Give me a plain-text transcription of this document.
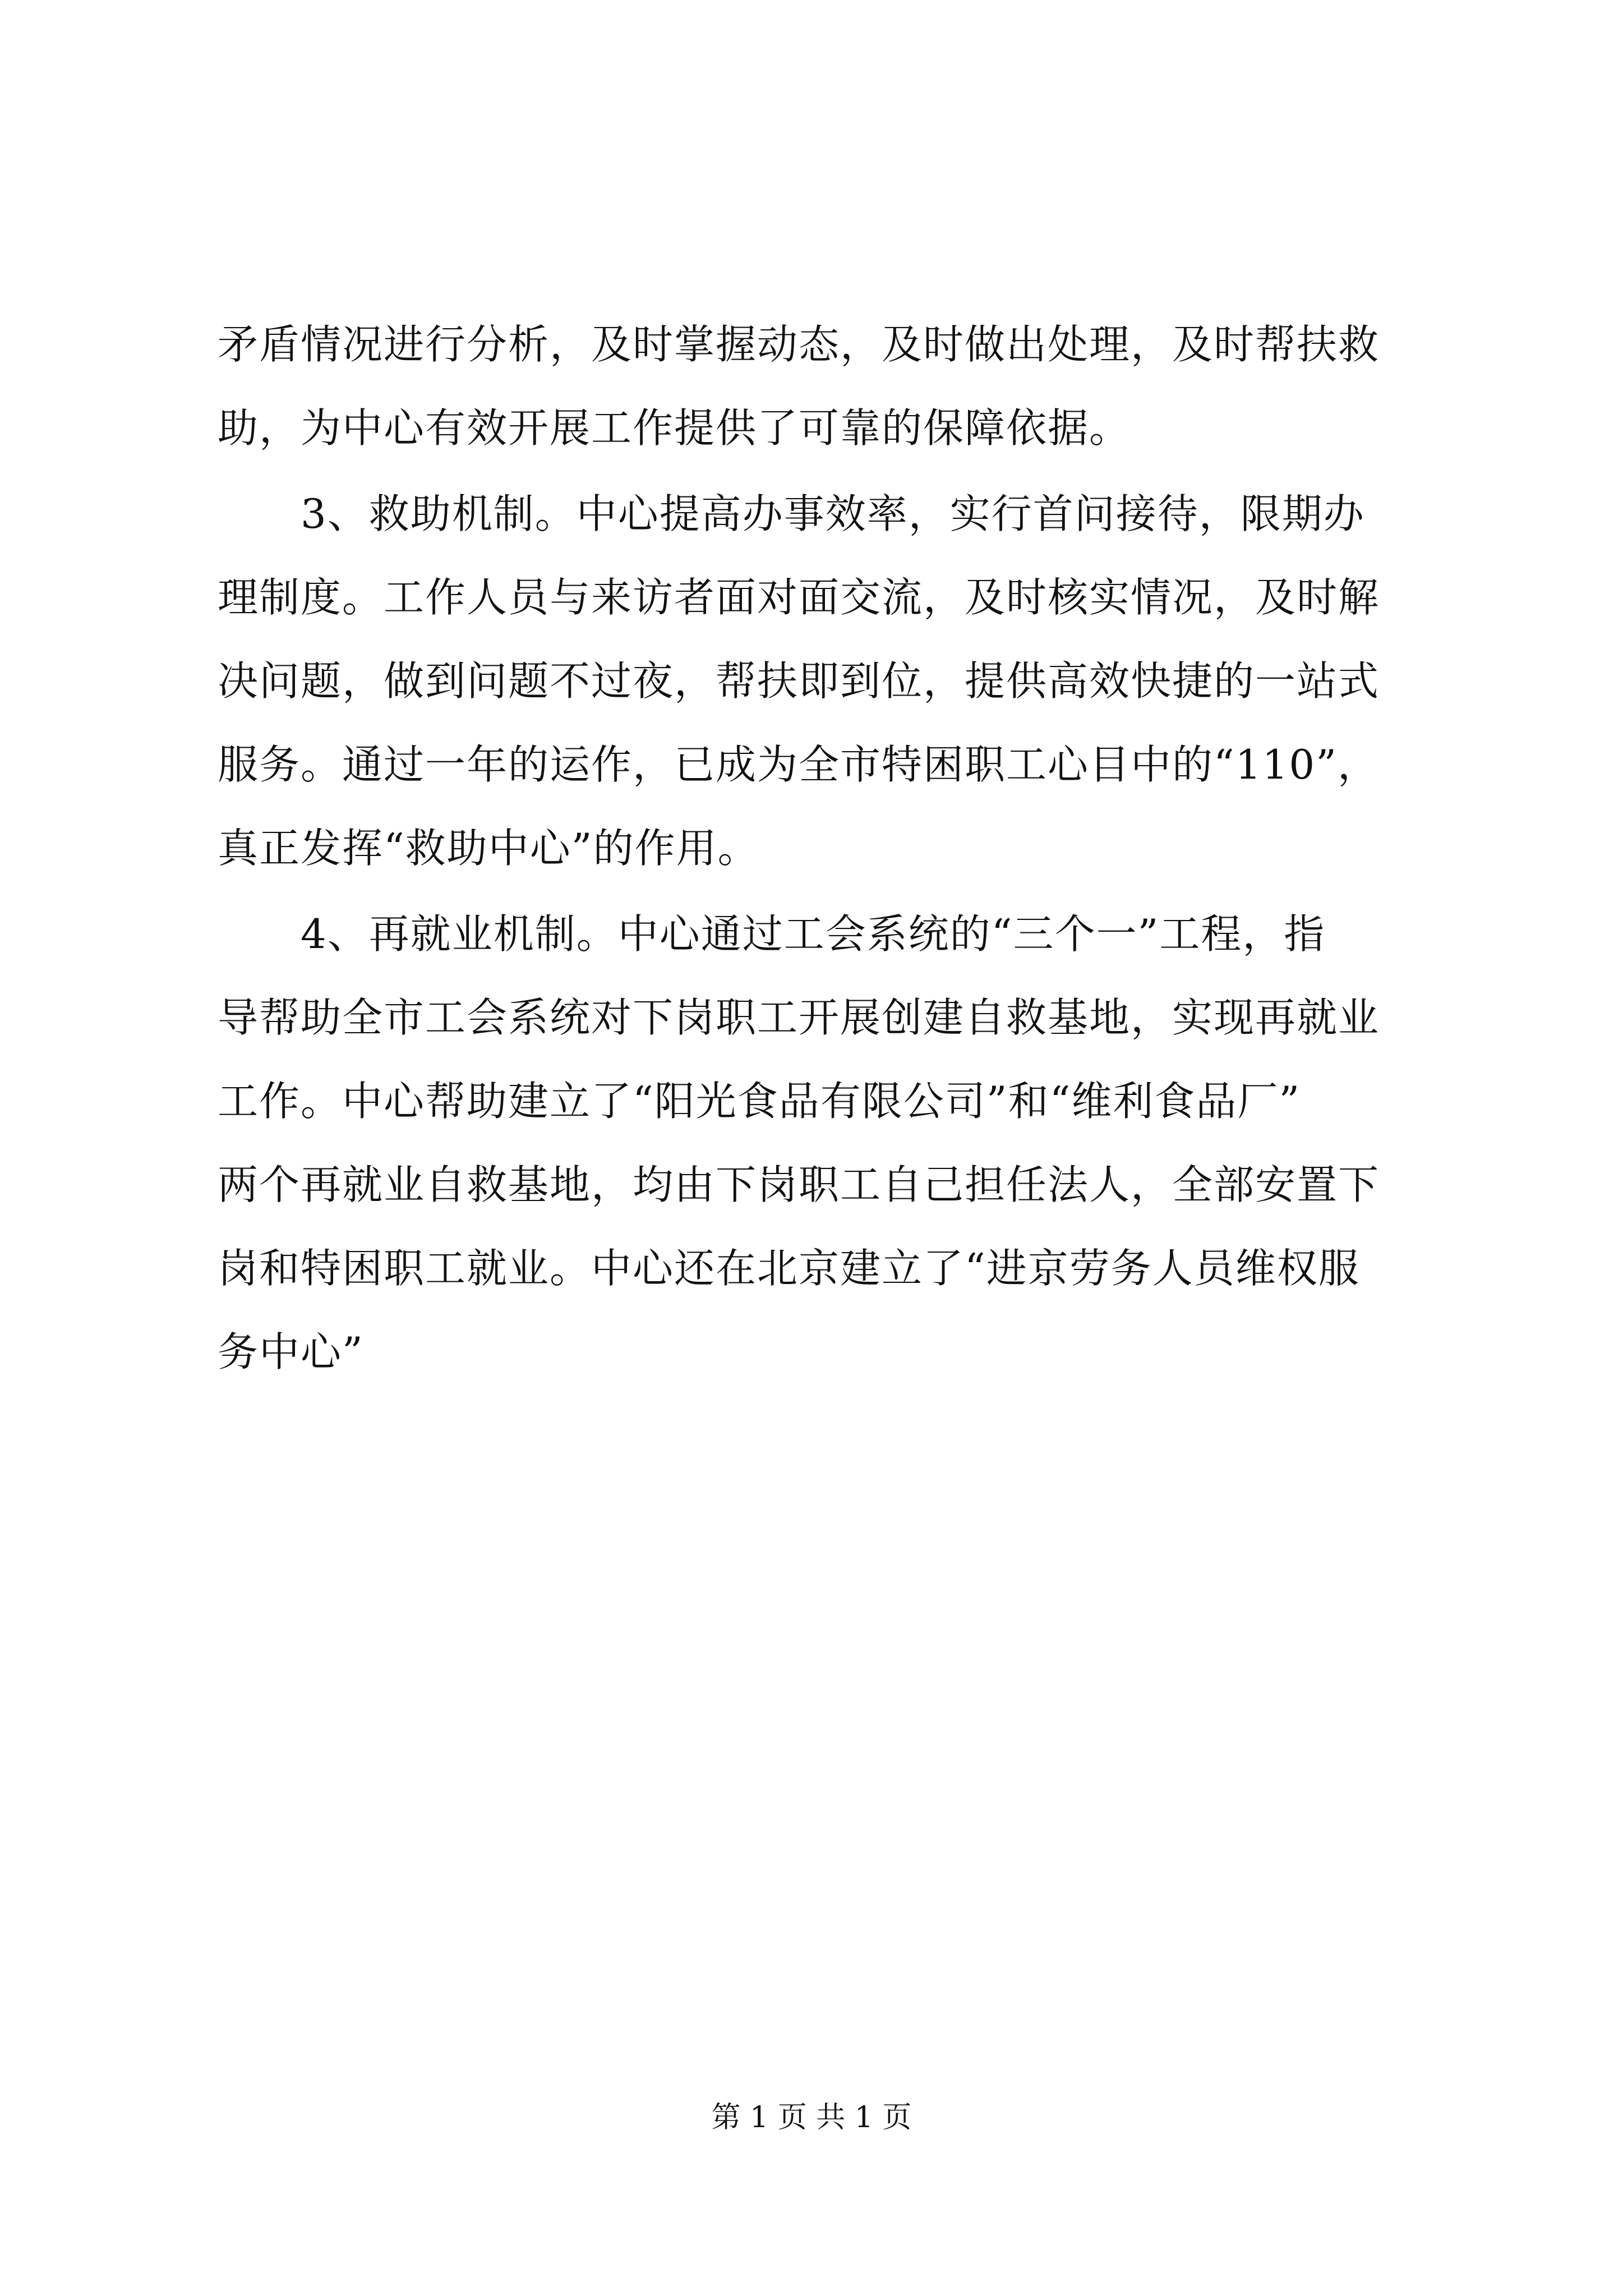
矛盾情况进行分析，及时掌握动态，及时做出处理，及时帮扶救
助，为中心有效开展工作提供了可靠的保障依据。
　　3、救助机制。中心提高办事效率，实行首问接待，限期办
理制度。工作人员与来访者面对面交流，及时核实情况，及时解
决问题，做到问题不过夜，帮扶即到位，提供高效快捷的一站式
服务。通过一年的运作，已成为全市特困职工心目中的“110”，
真正发挥“救助中心”的作用。
　　4、再就业机制。中心通过工会系统的“三个一”工程，指
导帮助全市工会系统对下岗职工开展创建自救基地，实现再就业
工作。中心帮助建立了“阳光食品有限公司”和“维利食品厂”
两个再就业自救基地，均由下岗职工自己担任法人，全部安置下
岗和特困职工就业。中心还在北京建立了“进京劳务人员维权服
务中心”
第 1 页 共 1 页
